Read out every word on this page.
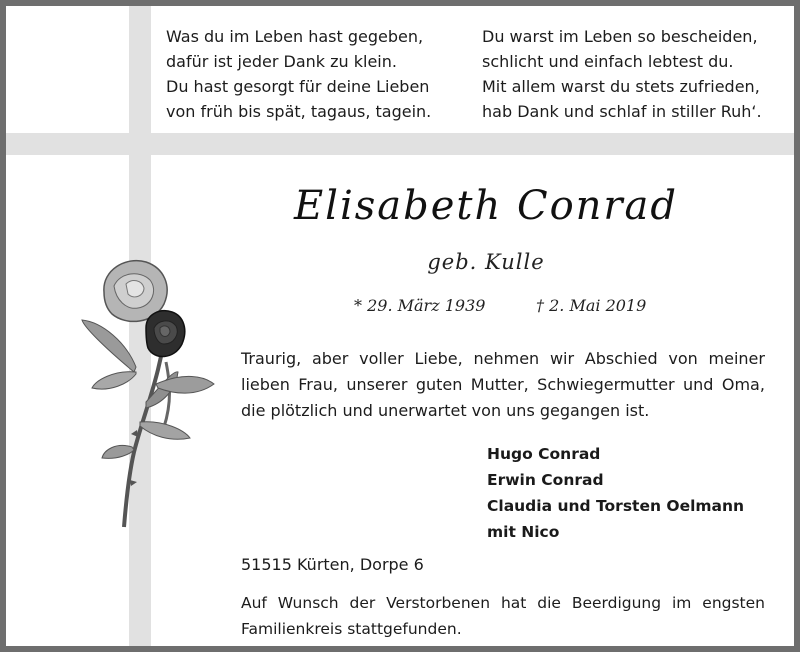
Was du im Leben hast gegeben,
dafür ist jeder Dank zu klein.
Du hast gesorgt für deine Lieben
von früh bis spät, tagaus, tagein.
Du warst im Leben so bescheiden,
schlicht und einfach lebtest du.
Mit allem warst du stets zufrieden,
hab Dank und schlaf in stiller Ruh‘.
Elisabeth Conrad
geb. Kulle
* 29. März 1939	† 2. Mai 2019
Traurig, aber voller Liebe, nehmen wir Abschied von meiner
lieben Frau, unserer guten Mutter, Schwiegermutter und Oma,
die plötzlich und unerwartet von uns gegangen ist.
Hugo Conrad
Erwin Conrad
Claudia und Torsten Oelmann
mit Nico
51515 Kürten, Dorpe 6
Auf Wunsch der Verstorbenen hat die Beerdigung im engsten
Familienkreis stattgefunden.
